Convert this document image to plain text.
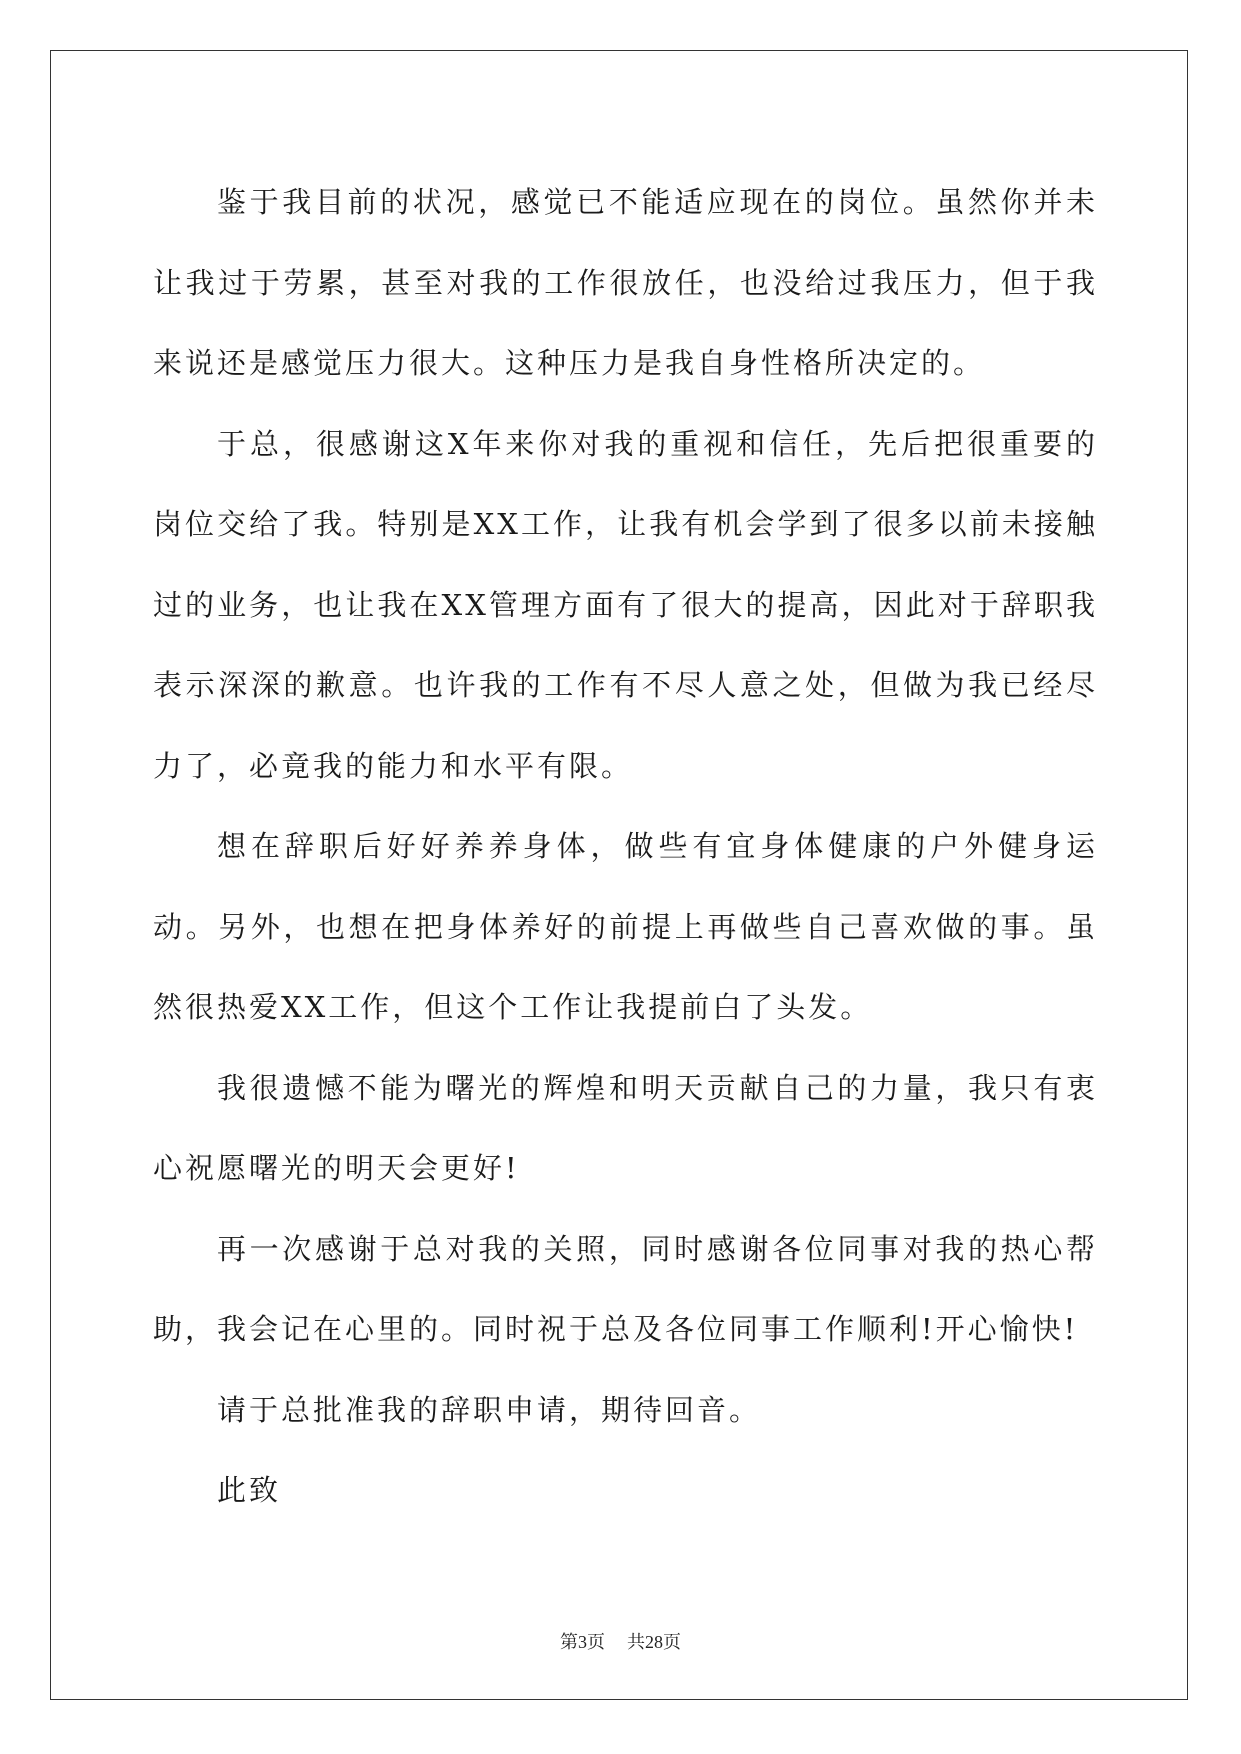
鉴于我目前的状况，感觉已不能适应现在的岗位。虽然你并未让我过于劳累，甚至对我的工作很放任，也没给过我压力，但于我来说还是感觉压力很大。这种压力是我自身性格所决定的。

于总，很感谢这X年来你对我的重视和信任，先后把很重要的岗位交给了我。特别是XX工作，让我有机会学到了很多以前未接触过的业务，也让我在XX管理方面有了很大的提高，因此对于辞职我表示深深的歉意。也许我的工作有不尽人意之处，但做为我已经尽力了，必竟我的能力和水平有限。

想在辞职后好好养养身体，做些有宜身体健康的户外健身运动。另外，也想在把身体养好的前提上再做些自己喜欢做的事。虽然很热爱XX工作，但这个工作让我提前白了头发。

我很遗憾不能为曙光的辉煌和明天贡献自己的力量，我只有衷心祝愿曙光的明天会更好!

再一次感谢于总对我的关照，同时感谢各位同事对我的热心帮助，我会记在心里的。同时祝于总及各位同事工作顺利!开心愉快!

请于总批准我的辞职申请，期待回音。

此致

第3页 共28页
